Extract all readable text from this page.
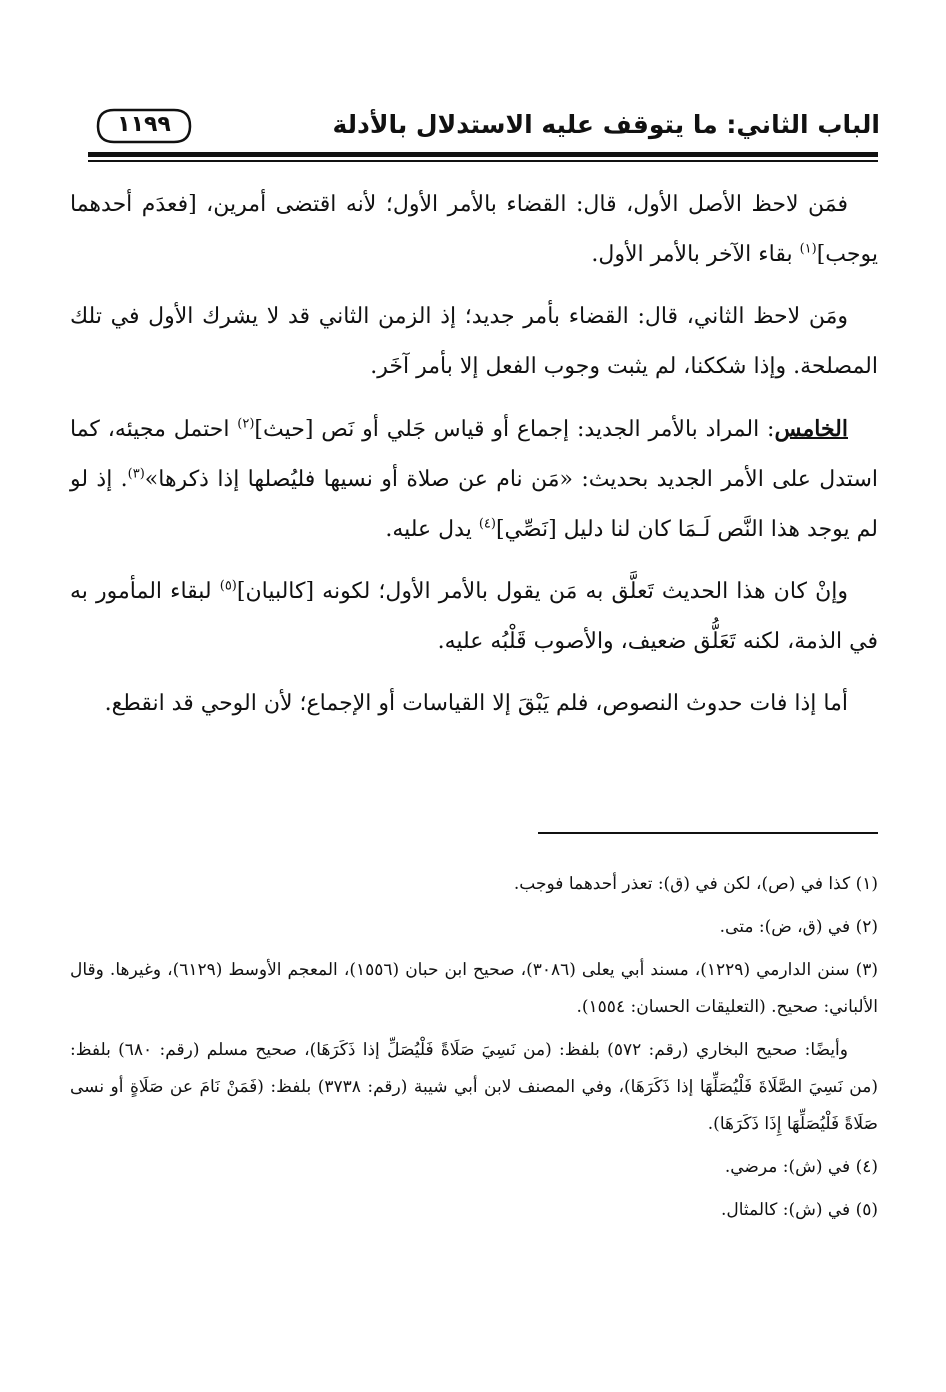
الباب الثاني: ما يتوقف عليه الاستدلال بالأدلة
١١٩٩

فمَن لاحظ الأصل الأول، قال: القضاء بالأمر الأول؛ لأنه اقتضى أمرين، [فعدَم أحدهما يوجب]$^{(١)}$ بقاء الآخر بالأمر الأول.

ومَن لاحظ الثاني، قال: القضاء بأمر جديد؛ إذ الزمن الثاني قد لا يشرك الأول في تلك المصلحة. وإذا شككنا، لم يثبت وجوب الفعل إلا بأمر آخَر.

الخامس: المراد بالأمر الجديد: إجماع أو قياس جَلي أو نَص [حيث]$^{(٢)}$ احتمل مجيئه، كما استدل على الأمر الجديد بحديث: «مَن نام عن صلاة أو نسيها فليُصلها إذا ذكرها»$^{(٣)}$. إذ لو لم يوجد هذا النَّص لَـمَا كان لنا دليل [نَصِّي]$^{(٤)}$ يدل عليه.

وإنْ كان هذا الحديث تَعلَّق به مَن يقول بالأمر الأول؛ لكونه [كالبيان]$^{(٥)}$ لبقاء المأمور به في الذمة، لكنه تَعَلُّق ضعيف، والأصوب قَلْبُه عليه.

أما إذا فات حدوث النصوص، فلم يَبْقَ إلا القياسات أو الإجماع؛ لأن الوحي قد انقطع.

(١) كذا في (ص)، لكن في (ق): تعذر أحدهما فوجب.

(٢) في (ق، ض): متى.

(٣) سنن الدارمي (١٢٢٩)، مسند أبي يعلى (٣٠٨٦)، صحيح ابن حبان (١٥٥٦)، المعجم الأوسط (٦١٢٩)، وغيرها. وقال الألباني: صحيح. (التعليقات الحسان: ١٥٥٤).

وأيضًا: صحيح البخاري (رقم: ٥٧٢) بلفظ: (من نَسِيَ صَلَاةً فَلْيُصَلِّ إذا ذَكَرَهَا)، صحيح مسلم (رقم: ٦٨٠) بلفظ: (من نَسِيَ الصَّلَاةَ فَلْيُصَلِّهَا إذا ذَكَرَهَا)، وفي المصنف لابن أبي شيبة (رقم: ٣٧٣٨) بلفظ: (فَمَنْ نَامَ عن صَلَاةٍ أو نسى صَلَاةً فَلْيُصَلِّهَا إِذَا ذَكَرَهَا).

(٤) في (ش): مرضي.

(٥) في (ش): كالمثال.
